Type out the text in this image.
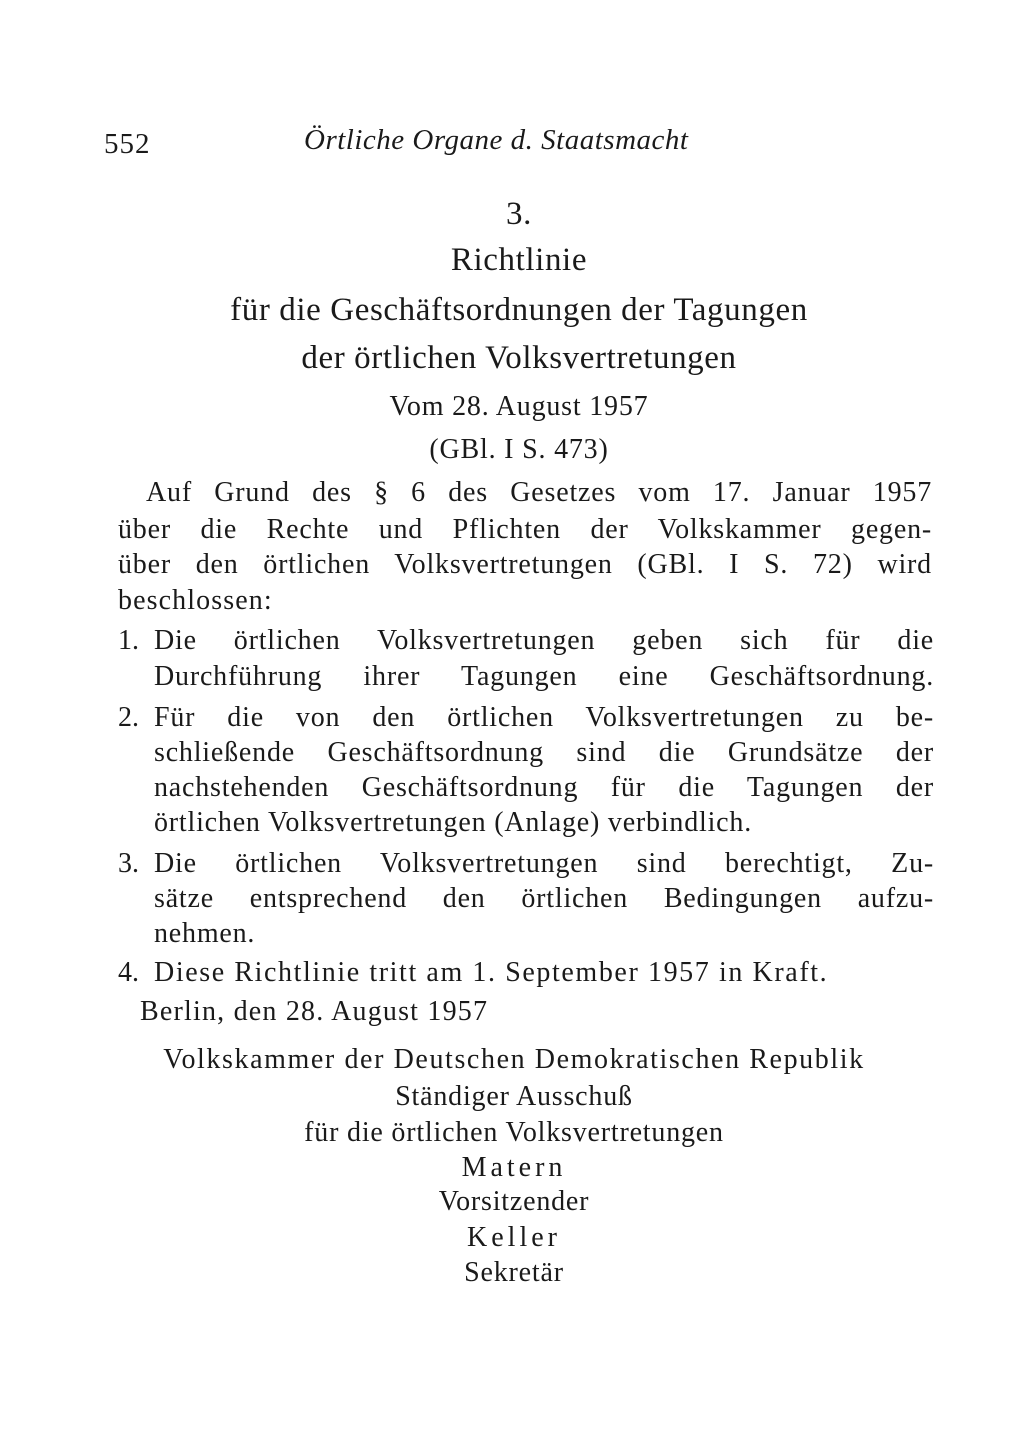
552	Örtliche Organe d. Staatsmacht
3.
Richtlinie
für die Geschäftsordnungen der Tagungen
der örtlichen Volksvertretungen
Vom 28. August 1957
(GBl. I S. 473)
Auf Grund des § 6 des Gesetzes vom 17. Januar 1957
über die Rechte und Pflichten der Volkskammer gegen-
über den örtlichen Volksvertretungen (GBl. I S. 72) wird
beschlossen:
1. Die örtlichen Volksvertretungen geben sich für die
Durchführung ihrer Tagungen eine Geschäftsordnung.
2. Für die von den örtlichen Volksvertretungen zu be-
schließende Geschäftsordnung sind die Grundsätze der
nachstehenden Geschäftsordnung für die Tagungen der
örtlichen Volksvertretungen (Anlage) verbindlich.
3. Die örtlichen Volksvertretungen sind berechtigt, Zu-
sätze entsprechend den örtlichen Bedingungen aufzu-
nehmen.
4. Diese Richtlinie tritt am 1. September 1957 in Kraft.
Berlin, den 28. August 1957
Volkskammer der Deutschen Demokratischen Republik
Ständiger Ausschuß
für die örtlichen Volksvertretungen
Matern
Vorsitzender
Keller
Sekretär
